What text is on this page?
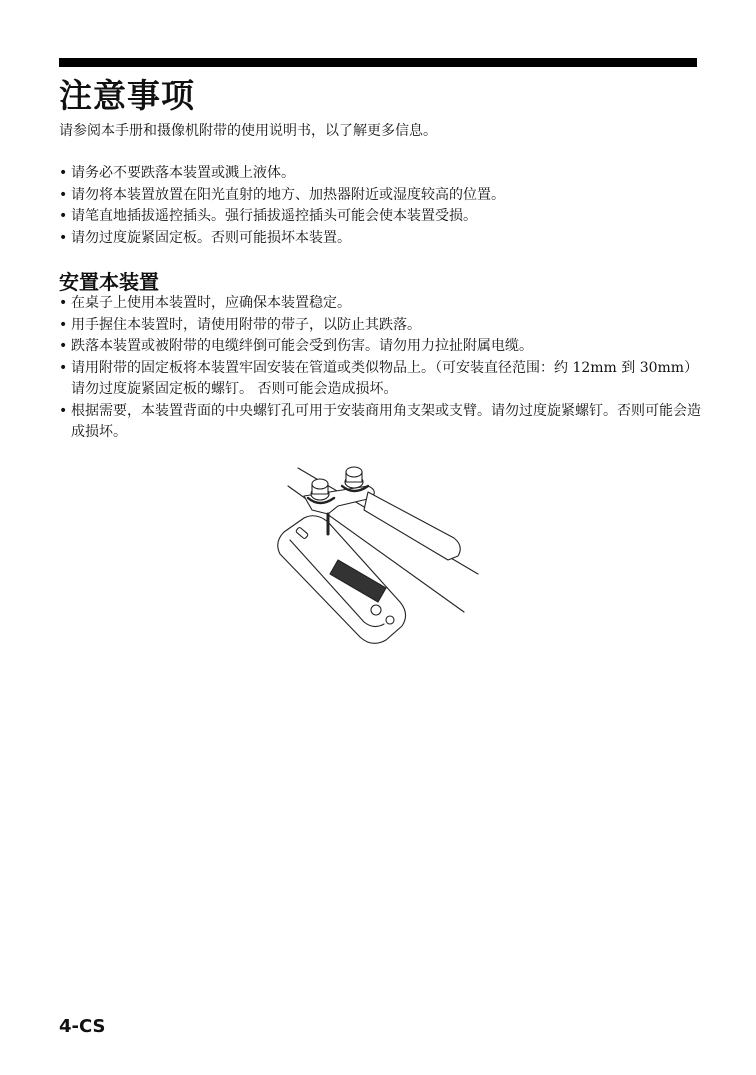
注意事项

请参阅本手册和摄像机附带的使用说明书，以了解更多信息。

• 请务必不要跌落本装置或溅上液体。
• 请勿将本装置放置在阳光直射的地方、加热器附近或湿度较高的位置。
• 请笔直地插拔遥控插头。强行插拔遥控插头可能会使本装置受损。
• 请勿过度旋紧固定板。否则可能损坏本装置。
安置本装置
• 在桌子上使用本装置时，应确保本装置稳定。
• 用手握住本装置时，请使用附带的带子，以防止其跌落。
• 跌落本装置或被附带的电缆绊倒可能会受到伤害。请勿用力拉扯附属电缆。
• 请用附带的固定板将本装置牢固安装在管道或类似物品上。（可安装直径范围：约 12mm 到 30mm）请勿过度旋紧固定板的螺钉。 否则可能会造成损坏。
• 根据需要，本装置背面的中央螺钉孔可用于安装商用角支架或支臂。请勿过度旋紧螺钉。否则可能会造成损坏。

4-CS
